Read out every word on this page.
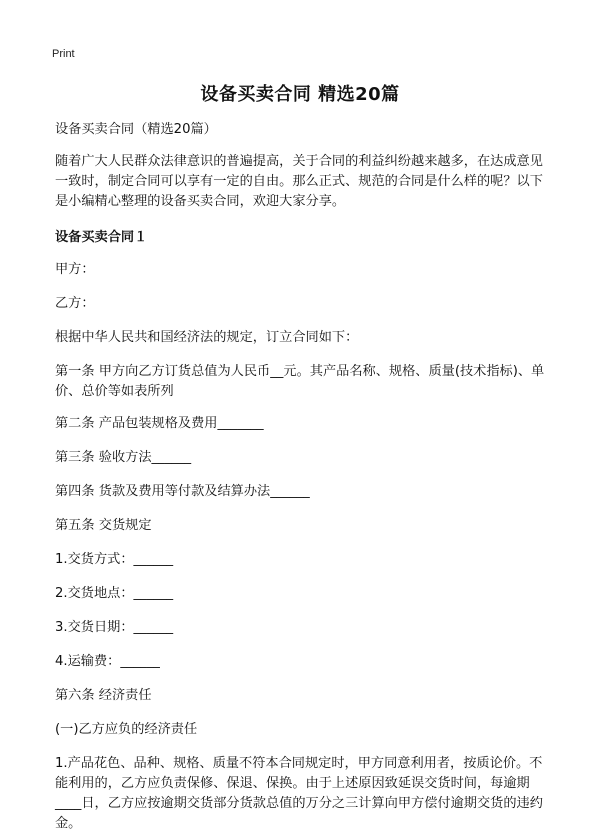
Print
设备买卖合同 精选20篇

设备买卖合同（精选20篇）

随着广大人民群众法律意识的普遍提高，关于合同的利益纠纷越来越多，在达成意见一致时，制定合同可以享有一定的自由。那么正式、规范的合同是什么样的呢？以下是小编精心整理的设备买卖合同，欢迎大家分享。

设备买卖合同１

甲方：

乙方：

根据中华人民共和国经济法的规定，订立合同如下：

第一条 甲方向乙方订货总值为人民币__元。其产品名称、规格、质量(技术指标)、单价、总价等如表所列

第二条 产品包装规格及费用_______

第三条 验收方法______

第四条 货款及费用等付款及结算办法______

第五条 交货规定

1.交货方式：______

2.交货地点：______

3.交货日期：______

4.运输费：______

第六条 经济责任

(一)乙方应负的经济责任

1.产品花色、品种、规格、质量不符本合同规定时，甲方同意利用者，按质论价。不能利用的，乙方应负责保修、保退、保换。由于上述原因致延误交货时间，每逾期____日，乙方应按逾期交货部分货款总值的万分之三计算向甲方偿付逾期交货的违约金。
